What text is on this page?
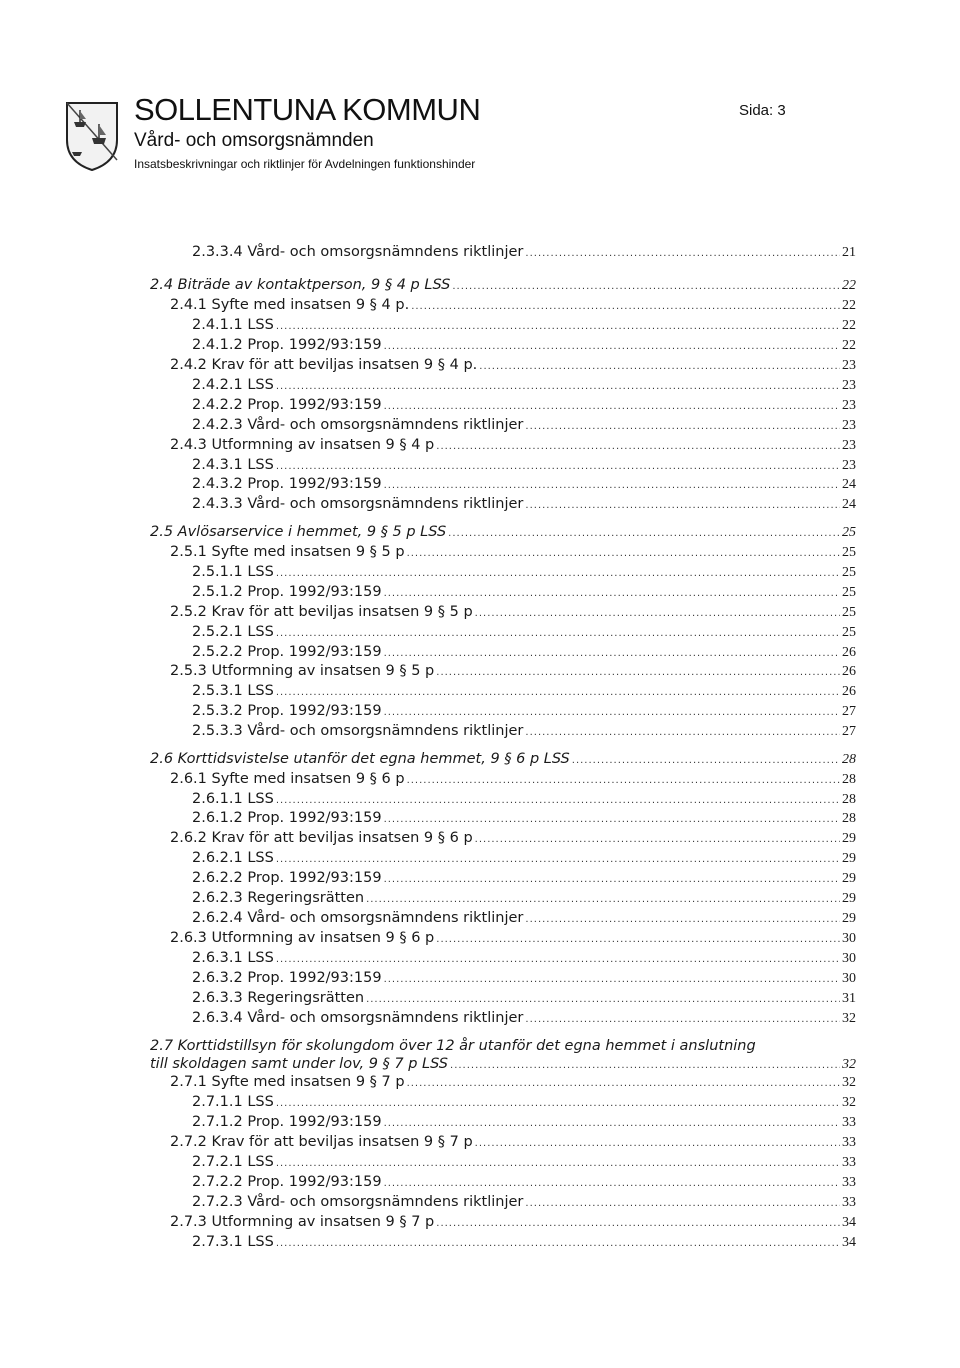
SOLLENTUNA KOMMUN
Vård- och omsorgsnämnden
Insatsbeskrivningar och riktlinjer för Avdelningen funktionshinder
Sida: 3
2.3.3.4 Vård- och omsorgsnämndens riktlinjer .....	21
2.4 Biträde av kontaktperson, 9 § 4 p LSS .....	22
2.4.1 Syfte med insatsen 9 § 4 p. .....	22
2.4.1.1 LSS .....	22
2.4.1.2 Prop. 1992/93:159 .....	22
2.4.2 Krav för att beviljas insatsen 9 § 4 p. .....	23
2.4.2.1 LSS .....	23
2.4.2.2 Prop. 1992/93:159 .....	23
2.4.2.3 Vård- och omsorgsnämndens riktlinjer .....	23
2.4.3 Utformning av insatsen 9 § 4 p .....	23
2.4.3.1 LSS .....	23
2.4.3.2 Prop. 1992/93:159 .....	24
2.4.3.3 Vård- och omsorgsnämndens riktlinjer .....	24
2.5 Avlösarservice i hemmet, 9 § 5 p LSS .....	25
2.5.1 Syfte med insatsen 9 § 5 p .....	25
2.5.1.1 LSS .....	25
2.5.1.2 Prop. 1992/93:159 .....	25
2.5.2 Krav för att beviljas insatsen 9 § 5 p .....	25
2.5.2.1 LSS .....	25
2.5.2.2 Prop. 1992/93:159 .....	26
2.5.3 Utformning av insatsen 9 § 5 p .....	26
2.5.3.1 LSS .....	26
2.5.3.2 Prop. 1992/93:159 .....	27
2.5.3.3 Vård- och omsorgsnämndens riktlinjer .....	27
2.6 Korttidsvistelse utanför det egna hemmet, 9 § 6 p LSS .....	28
2.6.1 Syfte med insatsen 9 § 6 p .....	28
2.6.1.1 LSS .....	28
2.6.1.2 Prop. 1992/93:159 .....	28
2.6.2 Krav för att beviljas insatsen 9 § 6 p .....	29
2.6.2.1 LSS .....	29
2.6.2.2 Prop. 1992/93:159 .....	29
2.6.2.3 Regeringsrätten .....	29
2.6.2.4 Vård- och omsorgsnämndens riktlinjer .....	29
2.6.3 Utformning av insatsen 9 § 6 p .....	30
2.6.3.1 LSS .....	30
2.6.3.2 Prop. 1992/93:159 .....	30
2.6.3.3 Regeringsrätten .....	31
2.6.3.4 Vård- och omsorgsnämndens riktlinjer .....	32
2.7 Korttidstillsyn för skolungdom över 12 år utanför det egna hemmet i anslutning
till skoldagen samt under lov, 9 § 7 p LSS .....	32
2.7.1 Syfte med insatsen 9 § 7 p .....	32
2.7.1.1 LSS .....	32
2.7.1.2 Prop. 1992/93:159 .....	33
2.7.2 Krav för att beviljas insatsen 9 § 7 p .....	33
2.7.2.1 LSS .....	33
2.7.2.2 Prop. 1992/93:159 .....	33
2.7.2.3 Vård- och omsorgsnämndens riktlinjer .....	33
2.7.3 Utformning av insatsen 9 § 7 p .....	34
2.7.3.1 LSS .....	34
